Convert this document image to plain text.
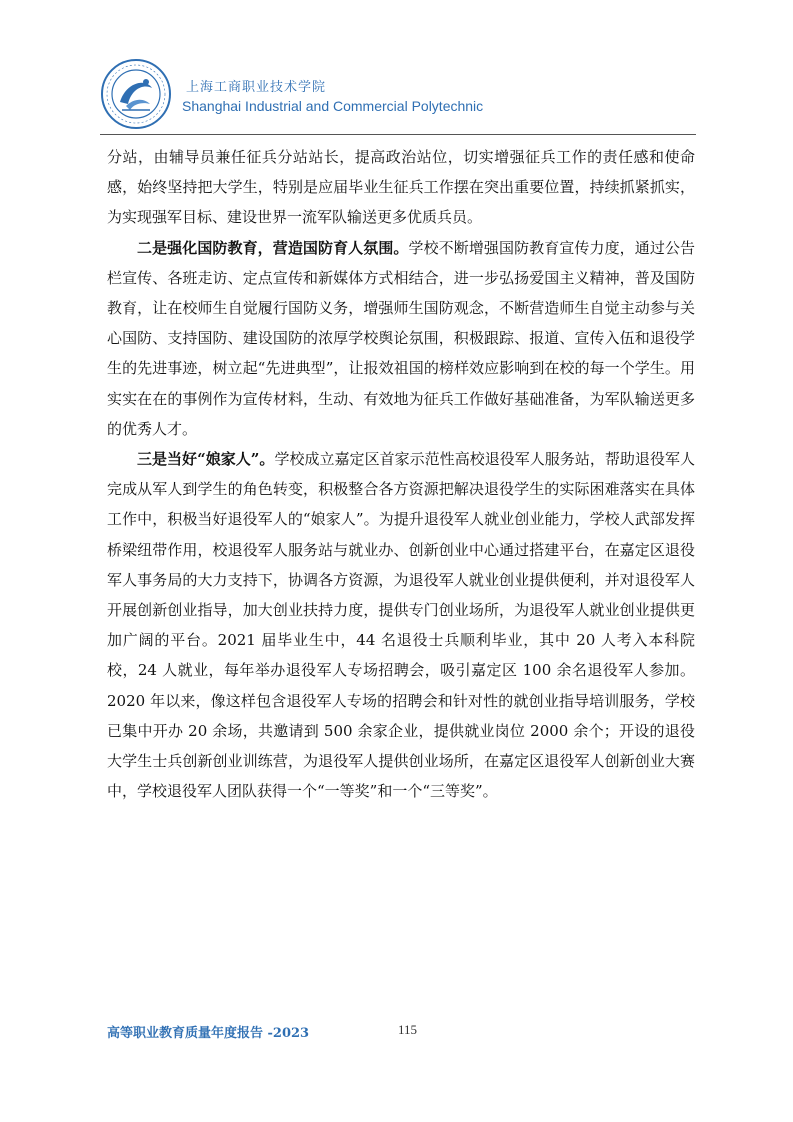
上海工商职业技术学院
Shanghai Industrial and Commercial Polytechnic

分站，由辅导员兼任征兵分站站长，提高政治站位，切实增强征兵工作的责任感和使命感，始终坚持把大学生，特别是应届毕业生征兵工作摆在突出重要位置，持续抓紧抓实，为实现强军目标、建设世界一流军队输送更多优质兵员。

二是强化国防教育，营造国防育人氛围。学校不断增强国防教育宣传力度，通过公告栏宣传、各班走访、定点宣传和新媒体方式相结合，进一步弘扬爱国主义精神，普及国防教育，让在校师生自觉履行国防义务，增强师生国防观念，不断营造师生自觉主动参与关心国防、支持国防、建设国防的浓厚学校舆论氛围，积极跟踪、报道、宣传入伍和退役学生的先进事迹，树立起“先进典型”，让报效祖国的榜样效应影响到在校的每一个学生。用实实在在的事例作为宣传材料，生动、有效地为征兵工作做好基础准备，为军队输送更多的优秀人才。

三是当好“娘家人”。学校成立嘉定区首家示范性高校退役军人服务站，帮助退役军人完成从军人到学生的角色转变，积极整合各方资源把解决退役学生的实际困难落实在具体工作中，积极当好退役军人的“娘家人”。为提升退役军人就业创业能力，学校人武部发挥桥梁纽带作用，校退役军人服务站与就业办、创新创业中心通过搭建平台，在嘉定区退役军人事务局的大力支持下，协调各方资源，为退役军人就业创业提供便利，并对退役军人开展创新创业指导，加大创业扶持力度，提供专门创业场所，为退役军人就业创业提供更加广阔的平台。2021 届毕业生中，44 名退役士兵顺利毕业，其中 20 人考入本科院校，24 人就业，每年举办退役军人专场招聘会，吸引嘉定区 100 余名退役军人参加。2020 年以来，像这样包含退役军人专场的招聘会和针对性的就创业指导培训服务，学校已集中开办 20 余场，共邀请到 500 余家企业，提供就业岗位 2000 余个；开设的退役大学生士兵创新创业训练营，为退役军人提供创业场所，在嘉定区退役军人创新创业大赛中，学校退役军人团队获得一个“一等奖”和一个“三等奖”。

高等职业教育质量年度报告 -2023	115
